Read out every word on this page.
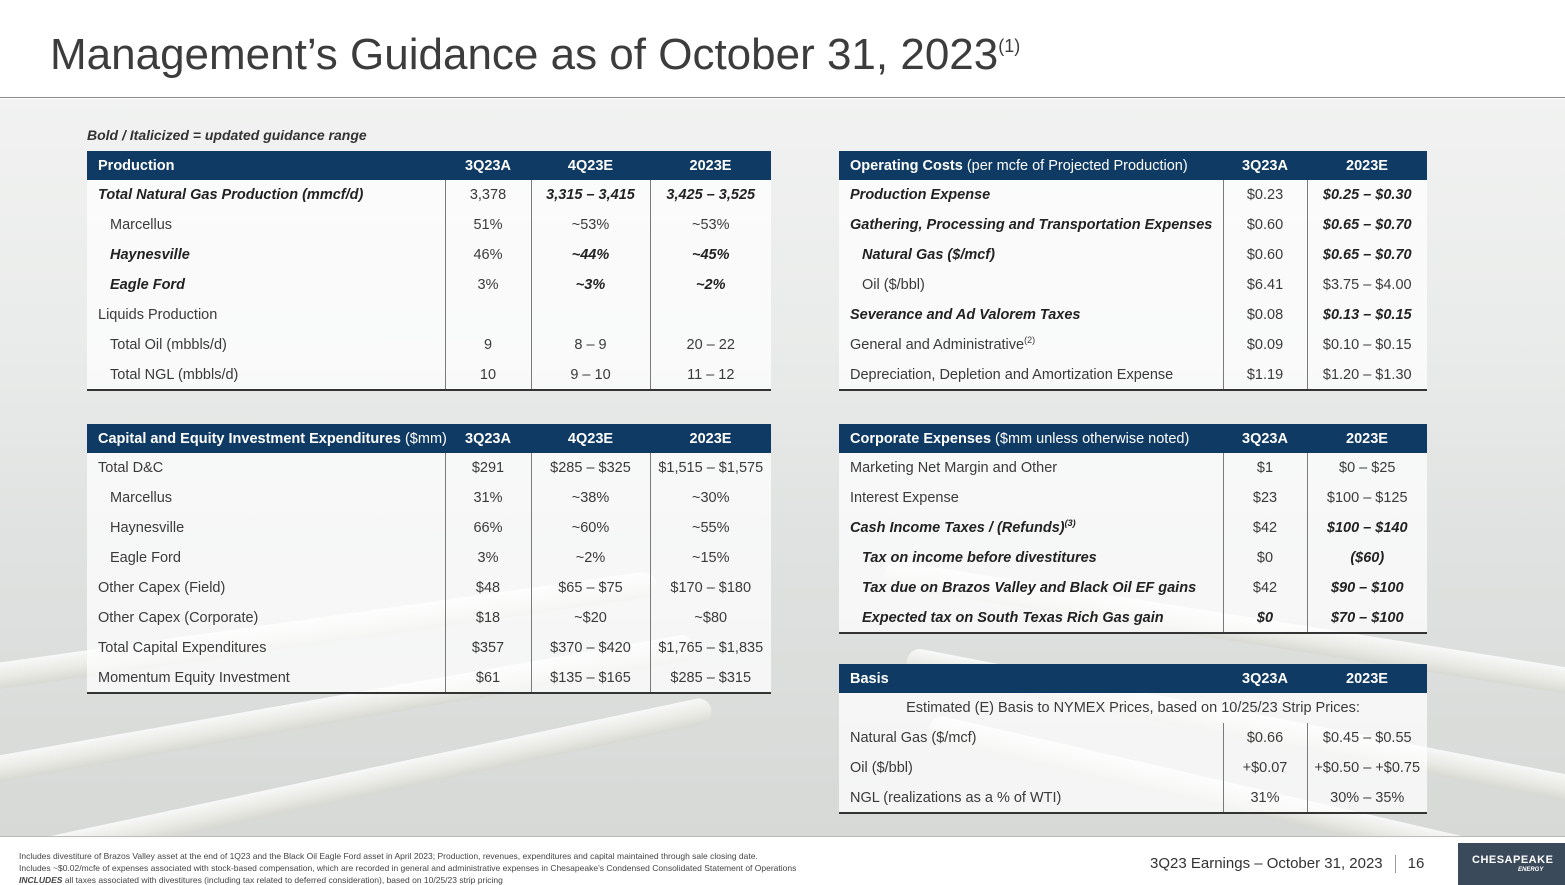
Management’s Guidance as of October 31, 2023$^{(1)}$
Bold / Italicized = updated guidance range
Production	3Q23A	4Q23E	2023E
Total Natural Gas Production (mmcf/d)	3,378	3,315 – 3,415	3,425 – 3,525
Marcellus	51%	~53%	~53%
Haynesville	46%	~44%	~45%
Eagle Ford	3%	~3%	~2%
Liquids Production			
Total Oil (mbbls/d)	9	8 – 9	20 – 22
Total NGL (mbbls/d)	10	9 – 10	11 – 12
Capital and Equity Investment Expenditures ($mm)	3Q23A	4Q23E	2023E
Total D&C	$291	$285 – $325	$1,515 – $1,575
Marcellus	31%	~38%	~30%
Haynesville	66%	~60%	~55%
Eagle Ford	3%	~2%	~15%
Other Capex (Field)	$48	$65 – $75	$170 – $180
Other Capex (Corporate)	$18	~$20	~$80
Total Capital Expenditures	$357	$370 – $420	$1,765 – $1,835
Momentum Equity Investment	$61	$135 – $165	$285 – $315
Operating Costs (per mcfe of Projected Production)	3Q23A	2023E
Production Expense	$0.23	$0.25 – $0.30
Gathering, Processing and Transportation Expenses	$0.60	$0.65 – $0.70
Natural Gas ($/mcf)	$0.60	$0.65 – $0.70
Oil ($/bbl)	$6.41	$3.75 – $4.00
Severance and Ad Valorem Taxes	$0.08	$0.13 – $0.15
General and Administrative$^{(2)}$	$0.09	$0.10 – $0.15
Depreciation, Depletion and Amortization Expense	$1.19	$1.20 – $1.30
Corporate Expenses ($mm unless otherwise noted)	3Q23A	2023E
Marketing Net Margin and Other	$1	$0 – $25
Interest Expense	$23	$100 – $125
Cash Income Taxes / (Refunds)$^{(3)}$	$42	$100 – $140
Tax on income before divestitures	$0	($60)
Tax due on Brazos Valley and Black Oil EF gains	$42	$90 – $100
Expected tax on South Texas Rich Gas gain	$0	$70 – $100
Basis	3Q23A	2023E
Estimated (E) Basis to NYMEX Prices, based on 10/25/23 Strip Prices:		
Natural Gas ($/mcf)	$0.66	$0.45 – $0.55
Oil ($/bbl)	+$0.07	+$0.50 – +$0.75
NGL (realizations as a % of WTI)	31%	30% – 35%
Includes divestiture of Brazos Valley asset at the end of 1Q23 and the Black Oil Eagle Ford asset in April 2023; Production, revenues, expenditures and capital maintained through sale closing date.
Includes ~$0.02/mcfe of expenses associated with stock-based compensation, which are recorded in general and administrative expenses in Chesapeake’s Condensed Consolidated Statement of Operations
INCLUDES all taxes associated with divestitures (including tax related to deferred consideration), based on 10/25/23 strip pricing
3Q23 Earnings – October 31, 2023 16	CHESAPEAKE
ENERGY
